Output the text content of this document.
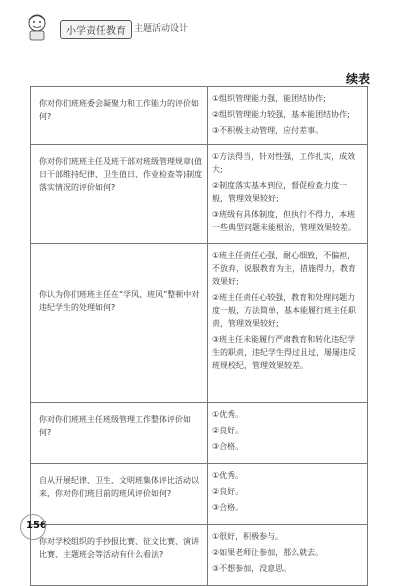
小学责任教育 主题活动设计
续表
你对你们班班委会凝聚力和工作能力的评价如何?	①组织管理能力强，能团结协作;
②组织管理能力较强，基本能团结协作;
③不积极主动管理，应付差事。

你对你们班班主任及班干部对班级管理规章(值日干部维持纪律、卫生值日、作业检查等)制度落实情况的评价如何?	①方法得当，针对性强，工作扎实，成效大;
②制度落实基本到位，督促检查力度一般，管理效果较好;
③班级有具体制度，但执行不得力，本班一些典型问题未能根治，管理效果较差。

你认为你们班班主任在“学风、班风”整顿中对违纪学生的处理如何?	①班主任责任心强，耐心细致，不偏袒，不放弃，说服教育为主，措施得力，教育效果好;
②班主任责任心较强，教育和处理问题力度一般，方法简单，基本能履行班主任职责，管理效果较好;
③班主任未能履行严肃教育和转化违纪学生的职责，违纪学生得过且过，屡屡违反班规校纪，管理效果较差。

你对你们班班主任班级管理工作整体评价如何?	①优秀。
②良好。
③合格。

自从开展纪律、卫生、文明班集体评比活动以来，你对你们班目前的班风评价如何?	①优秀。
②良好。
③合格。

你对学校组织的手抄报比赛、征文比赛、演讲比赛、主题班会等活动有什么看法?	①很好，积极参与。
②如果老师让参加，那么就去。
③不想参加，没意思。
156
